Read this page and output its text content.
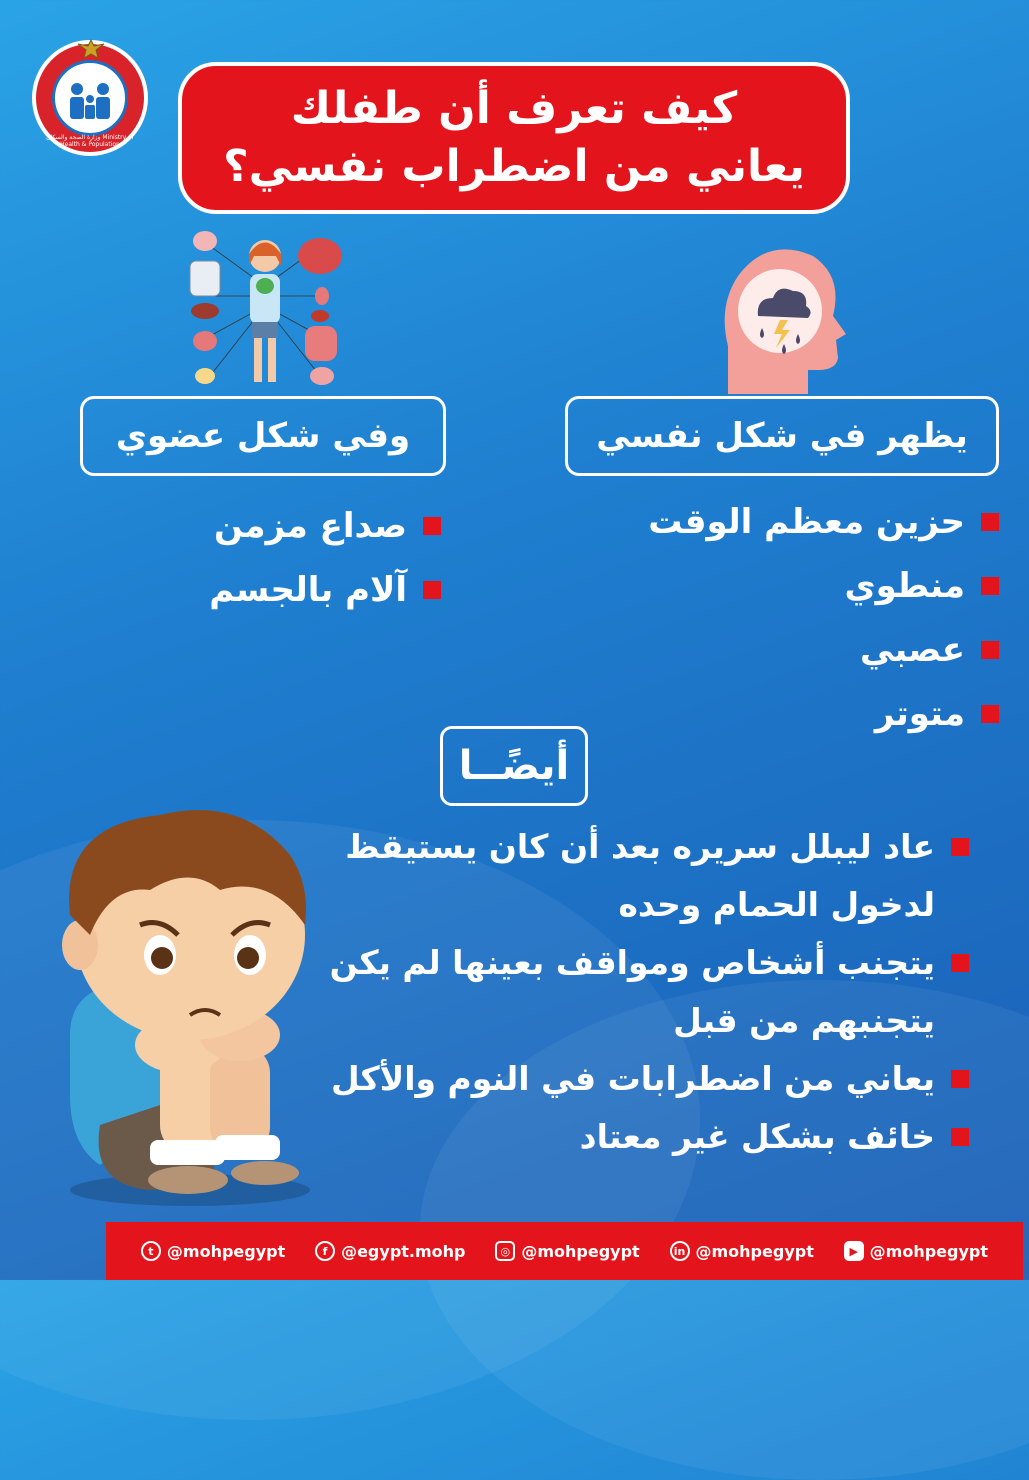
وزارة الصحة والسكان Ministry of Health & Population
كيف تعرف أن طفلك
يعاني من اضطراب نفسي؟
وفي شكل عضوي	يظهر في شكل نفسي
صداع مزمن
آلام بالجسم
حزين معظم الوقت
منطوي
عصبي
متوتر
أيضًــا
عاد ليبلل سريره بعد أن كان يستيقظ
لدخول الحمام وحده
يتجنب أشخاص ومواقف بعينها لم يكن
يتجنبهم من قبل
يعاني من اضطرابات في النوم والأكل
خائف بشكل غير معتاد
t @mohpegypt	f @egypt.mohp	◎ @mohpegypt	in @mohpegypt	▶ @mohpegypt
